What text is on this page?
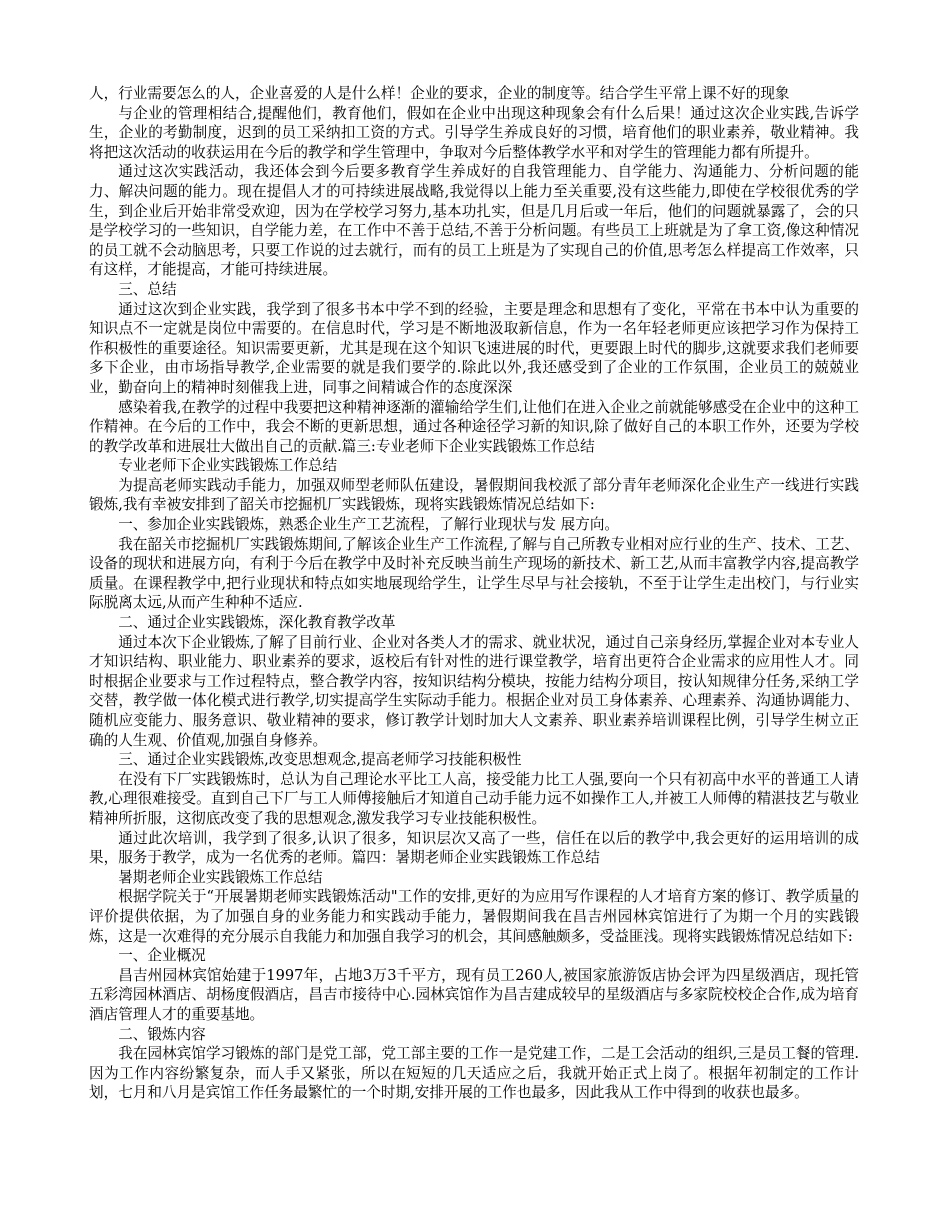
人，行业需要怎么的人，企业喜爱的人是什么样！企业的要求，企业的制度等。结合学生平常上课不好的现象

与企业的管理相结合,提醒他们，教育他们，假如在企业中出现这种现象会有什么后果！通过这次企业实践,告诉学生，企业的考勤制度，迟到的员工采纳扣工资的方式。引导学生养成良好的习惯，培育他们的职业素养，敬业精神。我将把这次活动的收获运用在今后的教学和学生管理中，争取对今后整体教学水平和对学生的管理能力都有所提升。

通过这次实践活动，我还体会到今后要多教育学生养成好的自我管理能力、自学能力、沟通能力、分析问题的能力、解决问题的能力。现在提倡人才的可持续进展战略,我觉得以上能力至关重要,没有这些能力,即使在学校很优秀的学生，到企业后开始非常受欢迎，因为在学校学习努力,基本功扎实，但是几月后或一年后，他们的问题就暴露了，会的只是学校学习的一些知识，自学能力差，在工作中不善于总结,不善于分析问题。有些员工上班就是为了拿工资,像这种情况的员工就不会动脑思考，只要工作说的过去就行，而有的员工上班是为了实现自己的价值,思考怎么样提高工作效率，只有这样，才能提高，才能可持续进展。

三、总结

通过这次到企业实践，我学到了很多书本中学不到的经验，主要是理念和思想有了变化，平常在书本中认为重要的知识点不一定就是岗位中需要的。在信息时代，学习是不断地汲取新信息，作为一名年轻老师更应该把学习作为保持工作积极性的重要途径。知识需要更新，尤其是现在这个知识飞速进展的时代，更要跟上时代的脚步,这就要求我们老师要多下企业，由市场指导教学,企业需要的就是我们要学的.除此以外,我还感受到了企业的工作氛围，企业员工的兢兢业业，勤奋向上的精神时刻催我上进，同事之间精诚合作的态度深深

感染着我,在教学的过程中我要把这种精神逐渐的灌输给学生们,让他们在进入企业之前就能够感受在企业中的这种工作精神。在今后的工作中，我会不断的更新思想，通过各种途径学习新的知识,除了做好自己的本职工作外，还要为学校的教学改革和进展壮大做出自己的贡献.篇三:专业老师下企业实践锻炼工作总结

专业老师下企业实践锻炼工作总结

为提高老师实践动手能力，加强双师型老师队伍建设，暑假期间我校派了部分青年老师深化企业生产一线进行实践锻炼,我有幸被安排到了韶关市挖掘机厂实践锻炼，现将实践锻炼情况总结如下:

一、参加企业实践锻炼，熟悉企业生产工艺流程，了解行业现状与发 展方向。

我在韶关市挖掘机厂实践锻炼期间,了解该企业生产工作流程,了解与自己所教专业相对应行业的生产、技术、工艺、设备的现状和进展方向，有利于今后在教学中及时补充反映当前生产现场的新技术、新工艺,从而丰富教学内容,提高教学质量。在课程教学中,把行业现状和特点如实地展现给学生，让学生尽早与社会接轨，不至于让学生走出校门，与行业实际脱离太远,从而产生种种不适应.

二、通过企业实践锻炼，深化教育教学改革

通过本次下企业锻炼,了解了目前行业、企业对各类人才的需求、就业状况，通过自己亲身经历,掌握企业对本专业人才知识结构、职业能力、职业素养的要求，返校后有针对性的进行课堂教学，培育出更符合企业需求的应用性人才。同时根据企业要求与工作过程特点，整合教学内容，按知识结构分模块，按能力结构分项目，按认知规律分任务,采纳工学交替，教学做一体化模式进行教学,切实提高学生实际动手能力。根据企业对员工身体素养、心理素养、沟通协调能力、随机应变能力、服务意识、敬业精神的要求，修订教学计划时加大人文素养、职业素养培训课程比例，引导学生树立正确的人生观、价值观,加强自身修养。

三、通过企业实践锻炼,改变思想观念,提高老师学习技能积极性

在没有下厂实践锻炼时，总认为自己理论水平比工人高，接受能力比工人强,要向一个只有初高中水平的普通工人请教,心理很难接受。直到自己下厂与工人师傅接触后才知道自己动手能力远不如操作工人,并被工人师傅的精湛技艺与敬业精神所折服，这彻底改变了我的思想观念,激发我学习专业技能积极性。

通过此次培训，我学到了很多,认识了很多，知识层次又高了一些，信任在以后的教学中,我会更好的运用培训的成果，服务于教学，成为一名优秀的老师。篇四：暑期老师企业实践锻炼工作总结

暑期老师企业实践锻炼工作总结

根据学院关于“开展暑期老师实践锻炼活动"工作的安排,更好的为应用写作课程的人才培育方案的修订、教学质量的评价提供依据，为了加强自身的业务能力和实践动手能力，暑假期间我在昌吉州园林宾馆进行了为期一个月的实践锻炼，这是一次难得的充分展示自我能力和加强自我学习的机会，其间感触颇多，受益匪浅。现将实践锻炼情况总结如下:

一、企业概况

昌吉州园林宾馆始建于1997年，占地3万3千平方，现有员工260人,被国家旅游饭店协会评为四星级酒店，现托管五彩湾园林酒店、胡杨度假酒店，昌吉市接待中心.园林宾馆作为昌吉建成较早的星级酒店与多家院校校企合作,成为培育酒店管理人才的重要基地。

二、锻炼内容

我在园林宾馆学习锻炼的部门是党工部，党工部主要的工作一是党建工作，二是工会活动的组织,三是员工餐的管理.因为工作内容纷繁复杂，而人手又紧张，所以在短短的几天适应之后，我就开始正式上岗了。根据年初制定的工作计划，七月和八月是宾馆工作任务最繁忙的一个时期,安排开展的工作也最多，因此我从工作中得到的收获也最多。
